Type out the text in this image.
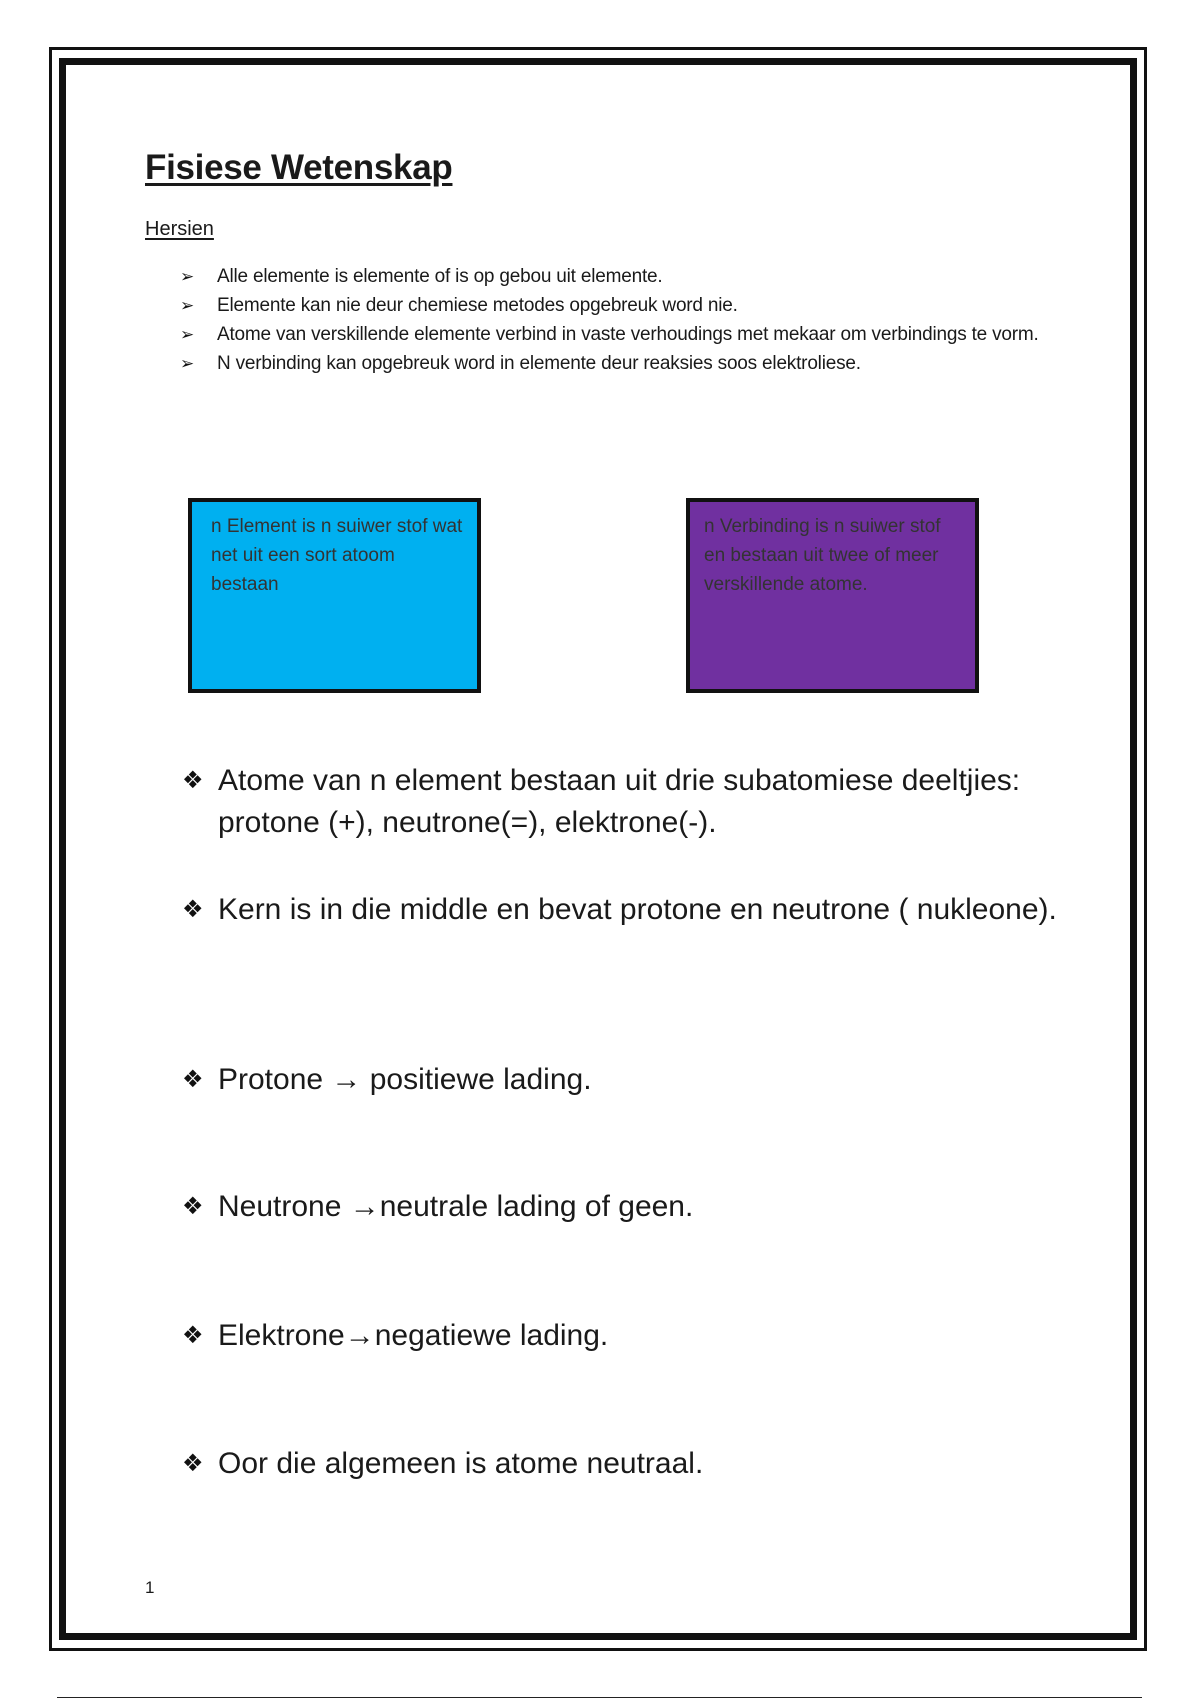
Fisiese Wetenskap
Hersien
➢ Alle elemente is elemente of is op gebou uit elemente.
➢ Elemente kan nie deur chemiese metodes opgebreuk word nie.
➢ Atome van verskillende elemente verbind in vaste verhoudings met mekaar om verbindings te vorm.
➢ N verbinding kan opgebreuk word in elemente deur reaksies soos elektroliese.
n Element is n suiwer stof wat net uit een sort atoom bestaan
n Verbinding is n suiwer stof en bestaan uit twee of meer verskillende atome.
❖ Atome van n element bestaan uit drie subatomiese deeltjies: protone (+), neutrone(=), elektrone(-).
❖ Kern is in die middle en bevat protone en neutrone ( nukleone).
❖ Protone → positiewe lading.
❖ Neutrone →neutrale lading of geen.
❖ Elektrone→negatiewe lading.
❖ Oor die algemeen is atome neutraal.
1
